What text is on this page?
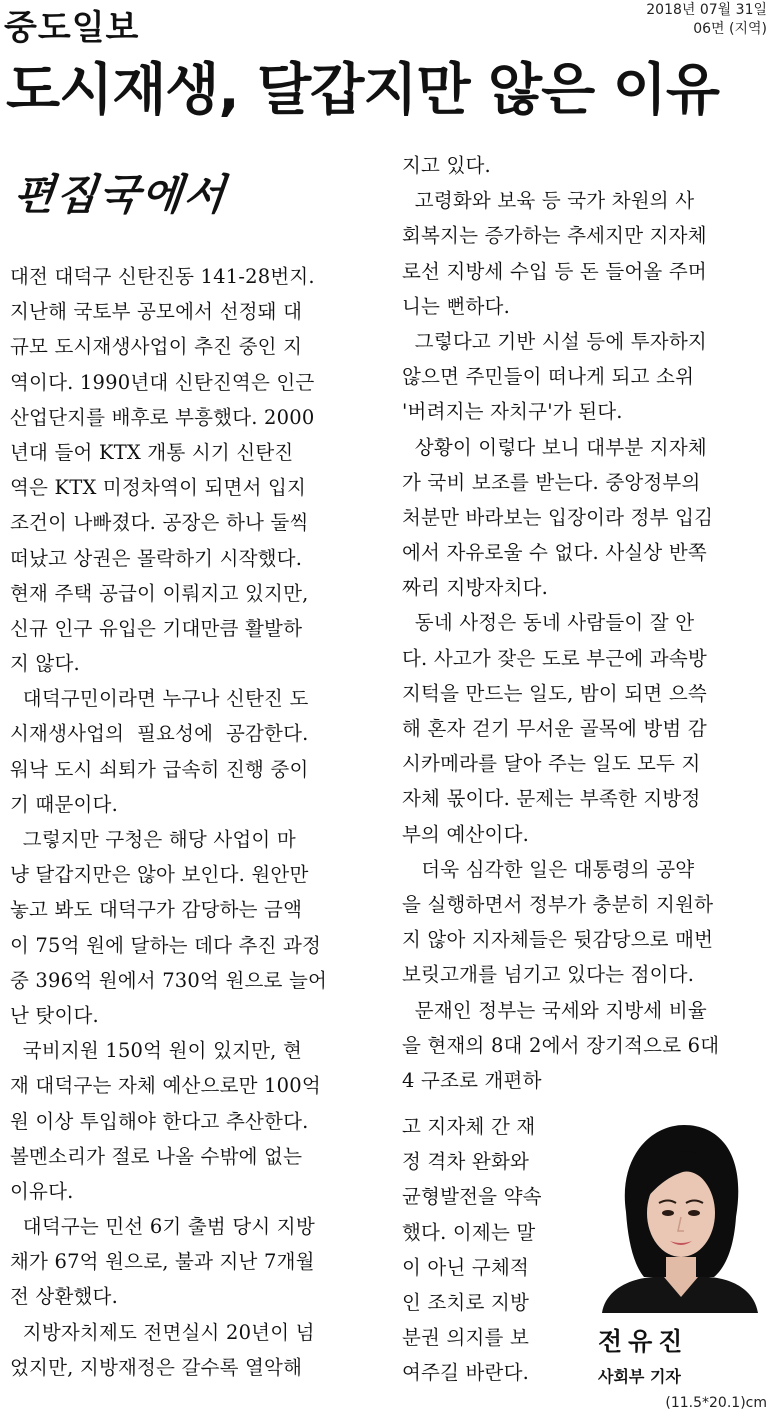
중도일보	2018년 07월 31일
06면 (지역)
도시재생, 달갑지만 않은 이유
편집국에서
대전 대덕구 신탄진동 141-28번지.
지난해 국토부 공모에서 선정돼 대
규모 도시재생사업이 추진 중인 지
역이다. 1990년대 신탄진역은 인근
산업단지를 배후로 부흥했다. 2000
년대 들어 KTX 개통 시기 신탄진
역은 KTX 미정차역이 되면서 입지
조건이 나빠졌다. 공장은 하나 둘씩
떠났고 상권은 몰락하기 시작했다.
현재 주택 공급이 이뤄지고 있지만,
신규 인구 유입은 기대만큼 활발하
지 않다.
대덕구민이라면 누구나 신탄진 도
시재생사업의  필요성에  공감한다.
워낙 도시 쇠퇴가 급속히 진행 중이
기 때문이다.
그렇지만 구청은 해당 사업이 마
냥 달갑지만은 않아 보인다. 원안만
놓고 봐도 대덕구가 감당하는 금액
이 75억 원에 달하는 데다 추진 과정
중 396억 원에서 730억 원으로 늘어
난 탓이다.
국비지원 150억 원이 있지만, 현
재 대덕구는 자체 예산으로만 100억
원 이상 투입해야 한다고 추산한다.
볼멘소리가 절로 나올 수밖에 없는
이유다.
대덕구는 민선 6기 출범 당시 지방
채가 67억 원으로, 불과 지난 7개월
전 상환했다.
지방자치제도 전면실시 20년이 넘
었지만, 지방재정은 갈수록 열악해
지고 있다.
고령화와 보육 등 국가 차원의 사
회복지는 증가하는 추세지만 지자체
로선 지방세 수입 등 돈 들어올 주머
니는 뻔하다.
그렇다고 기반 시설 등에 투자하지
않으면 주민들이 떠나게 되고 소위
'버려지는 자치구'가 된다.
상황이 이렇다 보니 대부분 지자체
가 국비 보조를 받는다. 중앙정부의
처분만 바라보는 입장이라 정부 입김
에서 자유로울 수 없다. 사실상 반쪽
짜리 지방자치다.
동네 사정은 동네 사람들이 잘 안
다. 사고가 잦은 도로 부근에 과속방
지턱을 만드는 일도, 밤이 되면 으쓱
해 혼자 걷기 무서운 골목에 방범 감
시카메라를 달아 주는 일도 모두 지
자체 몫이다. 문제는 부족한 지방정
부의 예산이다.
더욱 심각한 일은 대통령의 공약
을 실행하면서 정부가 충분히 지원하
지 않아 지자체들은 뒷감당으로 매번
보릿고개를 넘기고 있다는 점이다.
문재인 정부는 국세와 지방세 비율
을 현재의 8대 2에서 장기적으로 6대
4 구조로 개편하
고 지자체 간 재
정 격차 완화와
균형발전을 약속
했다. 이제는 말
이 아닌 구체적
인 조치로 지방
분권 의지를 보
여주길 바란다.
전유진
사회부 기자
(11.5*20.1)cm
